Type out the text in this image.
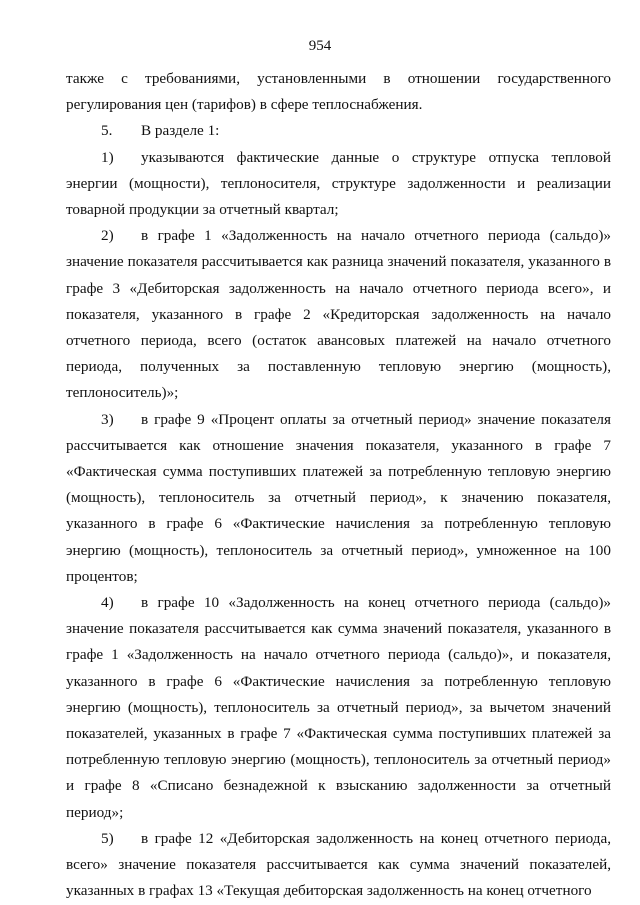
954

также с требованиями, установленными в отношении государственного регулирования цен (тарифов) в сфере теплоснабжения.

5. В разделе 1:

1) указываются фактические данные о структуре отпуска тепловой энергии (мощности), теплоносителя, структуре задолженности и реализации товарной продукции за отчетный квартал;

2) в графе 1 «Задолженность на начало отчетного периода (сальдо)» значение показателя рассчитывается как разница значений показателя, указанного в графе 3 «Дебиторская задолженность на начало отчетного периода всего», и показателя, указанного в графе 2 «Кредиторская задолженность на начало отчетного периода, всего (остаток авансовых платежей на начало отчетного периода, полученных за поставленную тепловую энергию (мощность), теплоноситель)»;

3) в графе 9 «Процент оплаты за отчетный период» значение показателя рассчитывается как отношение значения показателя, указанного в графе 7 «Фактическая сумма поступивших платежей за потребленную тепловую энергию (мощность), теплоноситель за отчетный период», к значению показателя, указанного в графе 6 «Фактические начисления за потребленную тепловую энергию (мощность), теплоноситель за отчетный период», умноженное на 100 процентов;

4) в графе 10 «Задолженность на конец отчетного периода (сальдо)» значение показателя рассчитывается как сумма значений показателя, указанного в графе 1 «Задолженность на начало отчетного периода (сальдо)», и показателя, указанного в графе 6 «Фактические начисления за потребленную тепловую энергию (мощность), теплоноситель за отчетный период», за вычетом значений показателей, указанных в графе 7 «Фактическая сумма поступивших платежей за потребленную тепловую энергию (мощность), теплоноситель за отчетный период» и графе 8 «Списано безнадежной к взысканию задолженности за отчетный период»;

5) в графе 12 «Дебиторская задолженность на конец отчетного периода, всего» значение показателя рассчитывается как сумма значений показателей, указанных в графах 13 «Текущая дебиторская задолженность на конец отчетного
